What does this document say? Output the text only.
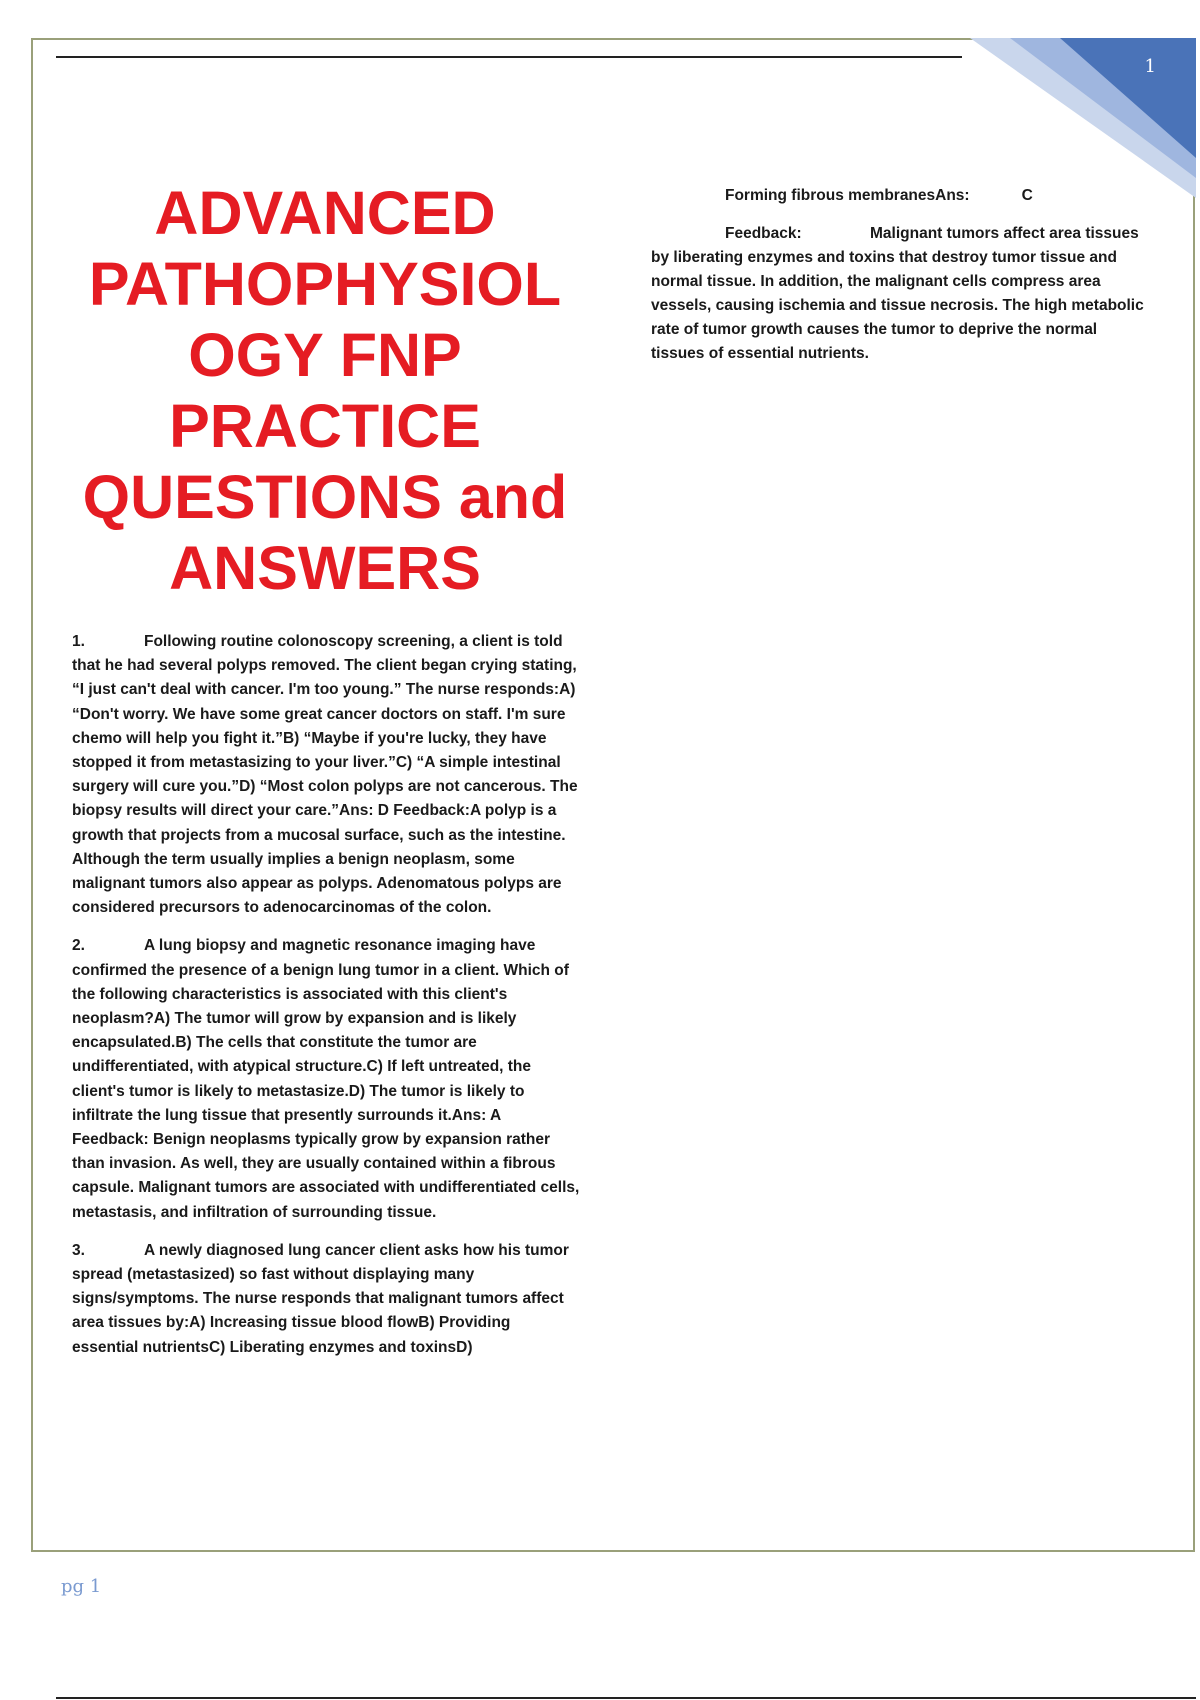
1
ADVANCED
PATHOPHYSIOL
OGY FNP
PRACTICE
QUESTIONS and
ANSWERS

1.	Following routine colonoscopy screening, a client is told that he had several polyps removed. The client began crying stating, “I just can't deal with cancer. I'm too young.” The nurse responds:A) “Don't worry. We have some great cancer doctors on staff. I'm sure chemo will help you fight it.”B) “Maybe if you're lucky, they have stopped it from metastasizing to your liver.”C) “A simple intestinal surgery will cure you.”D) “Most colon polyps are not cancerous. The biopsy results will direct your care.”Ans: D Feedback:A polyp is a growth that projects from a mucosal surface, such as the intestine. Although the term usually implies a benign neoplasm, some malignant tumors also appear as polyps. Adenomatous polyps are considered precursors to adenocarcinomas of the colon.

2.	A lung biopsy and magnetic resonance imaging have confirmed the presence of a benign lung tumor in a client. Which of the following characteristics is associated with this client's neoplasm?A) The tumor will grow by expansion and is likely encapsulated.B) The cells that constitute the tumor are undifferentiated, with atypical structure.C) If left untreated, the client's tumor is likely to metastasize.D) The tumor is likely to infiltrate the lung tissue that presently surrounds it.Ans: A Feedback: Benign neoplasms typically grow by expansion rather than invasion. As well, they are usually contained within a fibrous capsule. Malignant tumors are associated with undifferentiated cells, metastasis, and infiltration of surrounding tissue.

3.	A newly diagnosed lung cancer client asks how his tumor spread (metastasized) so fast without displaying many signs/symptoms. The nurse responds that malignant tumors affect area tissues by:A) Increasing tissue blood flowB) Providing essential nutrientsC) Liberating enzymes and toxinsD)

Forming fibrous membranesAns:	C

Feedback:	Malignant tumors affect area tissues by liberating enzymes and toxins that destroy tumor tissue and normal tissue. In addition, the malignant cells compress area vessels, causing ischemia and tissue necrosis. The high metabolic rate of tumor growth causes the tumor to deprive the normal tissues of essential nutrients.

pg 1
